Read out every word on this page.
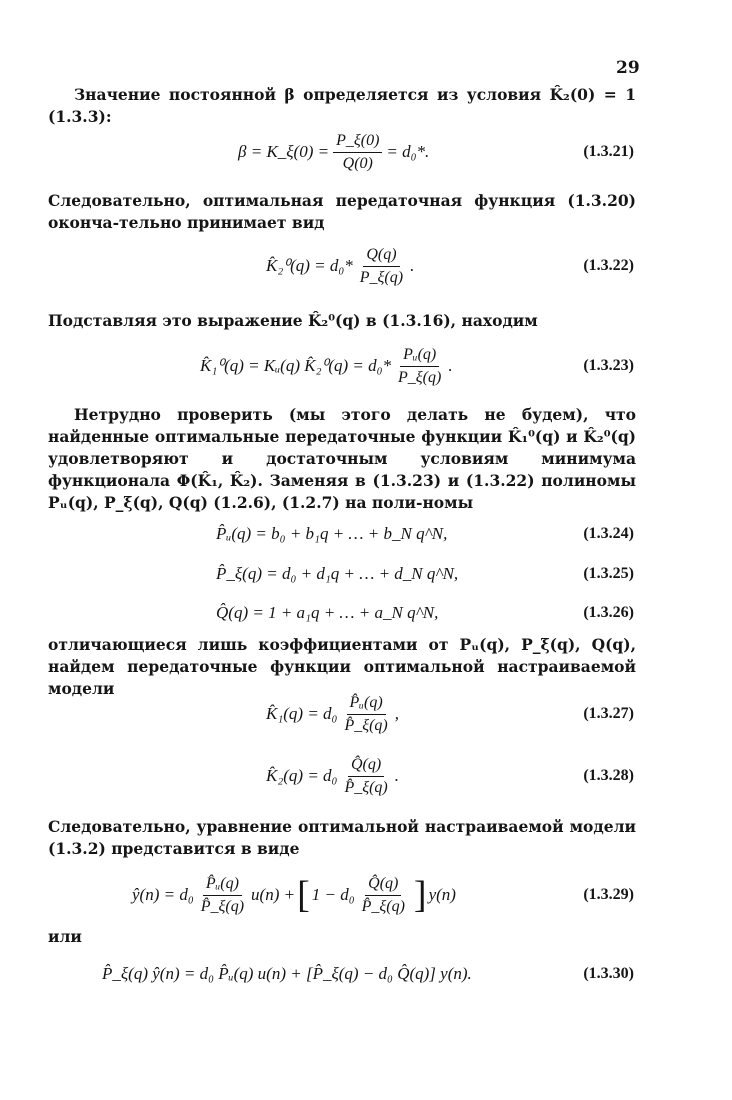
29

Значение постоянной β определяется из условия K̂₂(0) = 1 (1.3.3):

β = K_ξ(0) = $\frac{P\_\xi(0)}{Q(0)} = d_0*$.	(1.3.21)

Следовательно, оптимальная передаточная функция (1.3.20) оконча-тельно принимает вид

K̂₂⁰(q) = $d_0* \frac{Q(q)}{P\_\xi(q)}$ .	(1.3.22)

Подставляя это выражение K̂₂⁰(q) в (1.3.16), находим

K̂₁⁰(q) = Kᵤ(q) K̂₂⁰(q) = $d_0* \frac{\text{Pᵤ(q)}}{P\_\xi(q)}$ .	(1.3.23)

Нетрудно проверить (мы этого делать не будем), что найденные оптимальные передаточные функции K̂₁⁰(q) и K̂₂⁰(q) удовлетворяют и достаточным условиям минимума функционала Φ(K̂₁, K̂₂). Заменяя в (1.3.23) и (1.3.22) полиномы Pᵤ(q), P_ξ(q), Q(q) (1.2.6), (1.2.7) на поли-номы

P̂ᵤ(q) = b₀ + b₁q + … + b_N q^N,	(1.3.24)
P̂_ξ(q) = d₀ + d₁q + … + d_N q^N,	(1.3.25)
Q̂(q) = 1 + a₁q + … + a_N q^N,	(1.3.26)

отличающиеся лишь коэффициентами от Pᵤ(q), P_ξ(q), Q(q), найдем передаточные функции оптимальной настраиваемой модели

K̂₁(q) = $d_0 \frac{\text{P̂ᵤ(q)}}{P̂\_\xi(q)}$ ,	(1.3.27)
K̂₂(q) = $d_0 \frac{Q̂(q)}{P̂\_\xi(q)}$ .	(1.3.28)

Следовательно, уравнение оптимальной настраиваемой модели (1.3.2) представится в виде

ŷ(n) = $d_0 \frac{\text{P̂ᵤ(q)}}{P̂\_\xi(q)} u(n)$ + [ $1 - d_0 \frac{Q̂(q)}{P̂\_\xi(q)}$ ] y(n)	(1.3.29)

или

P̂_ξ(q) ŷ(n) = d₀ P̂ᵤ(q) u(n) + [P̂_ξ(q) − d₀ Q̂(q)] y(n).	(1.3.30)
